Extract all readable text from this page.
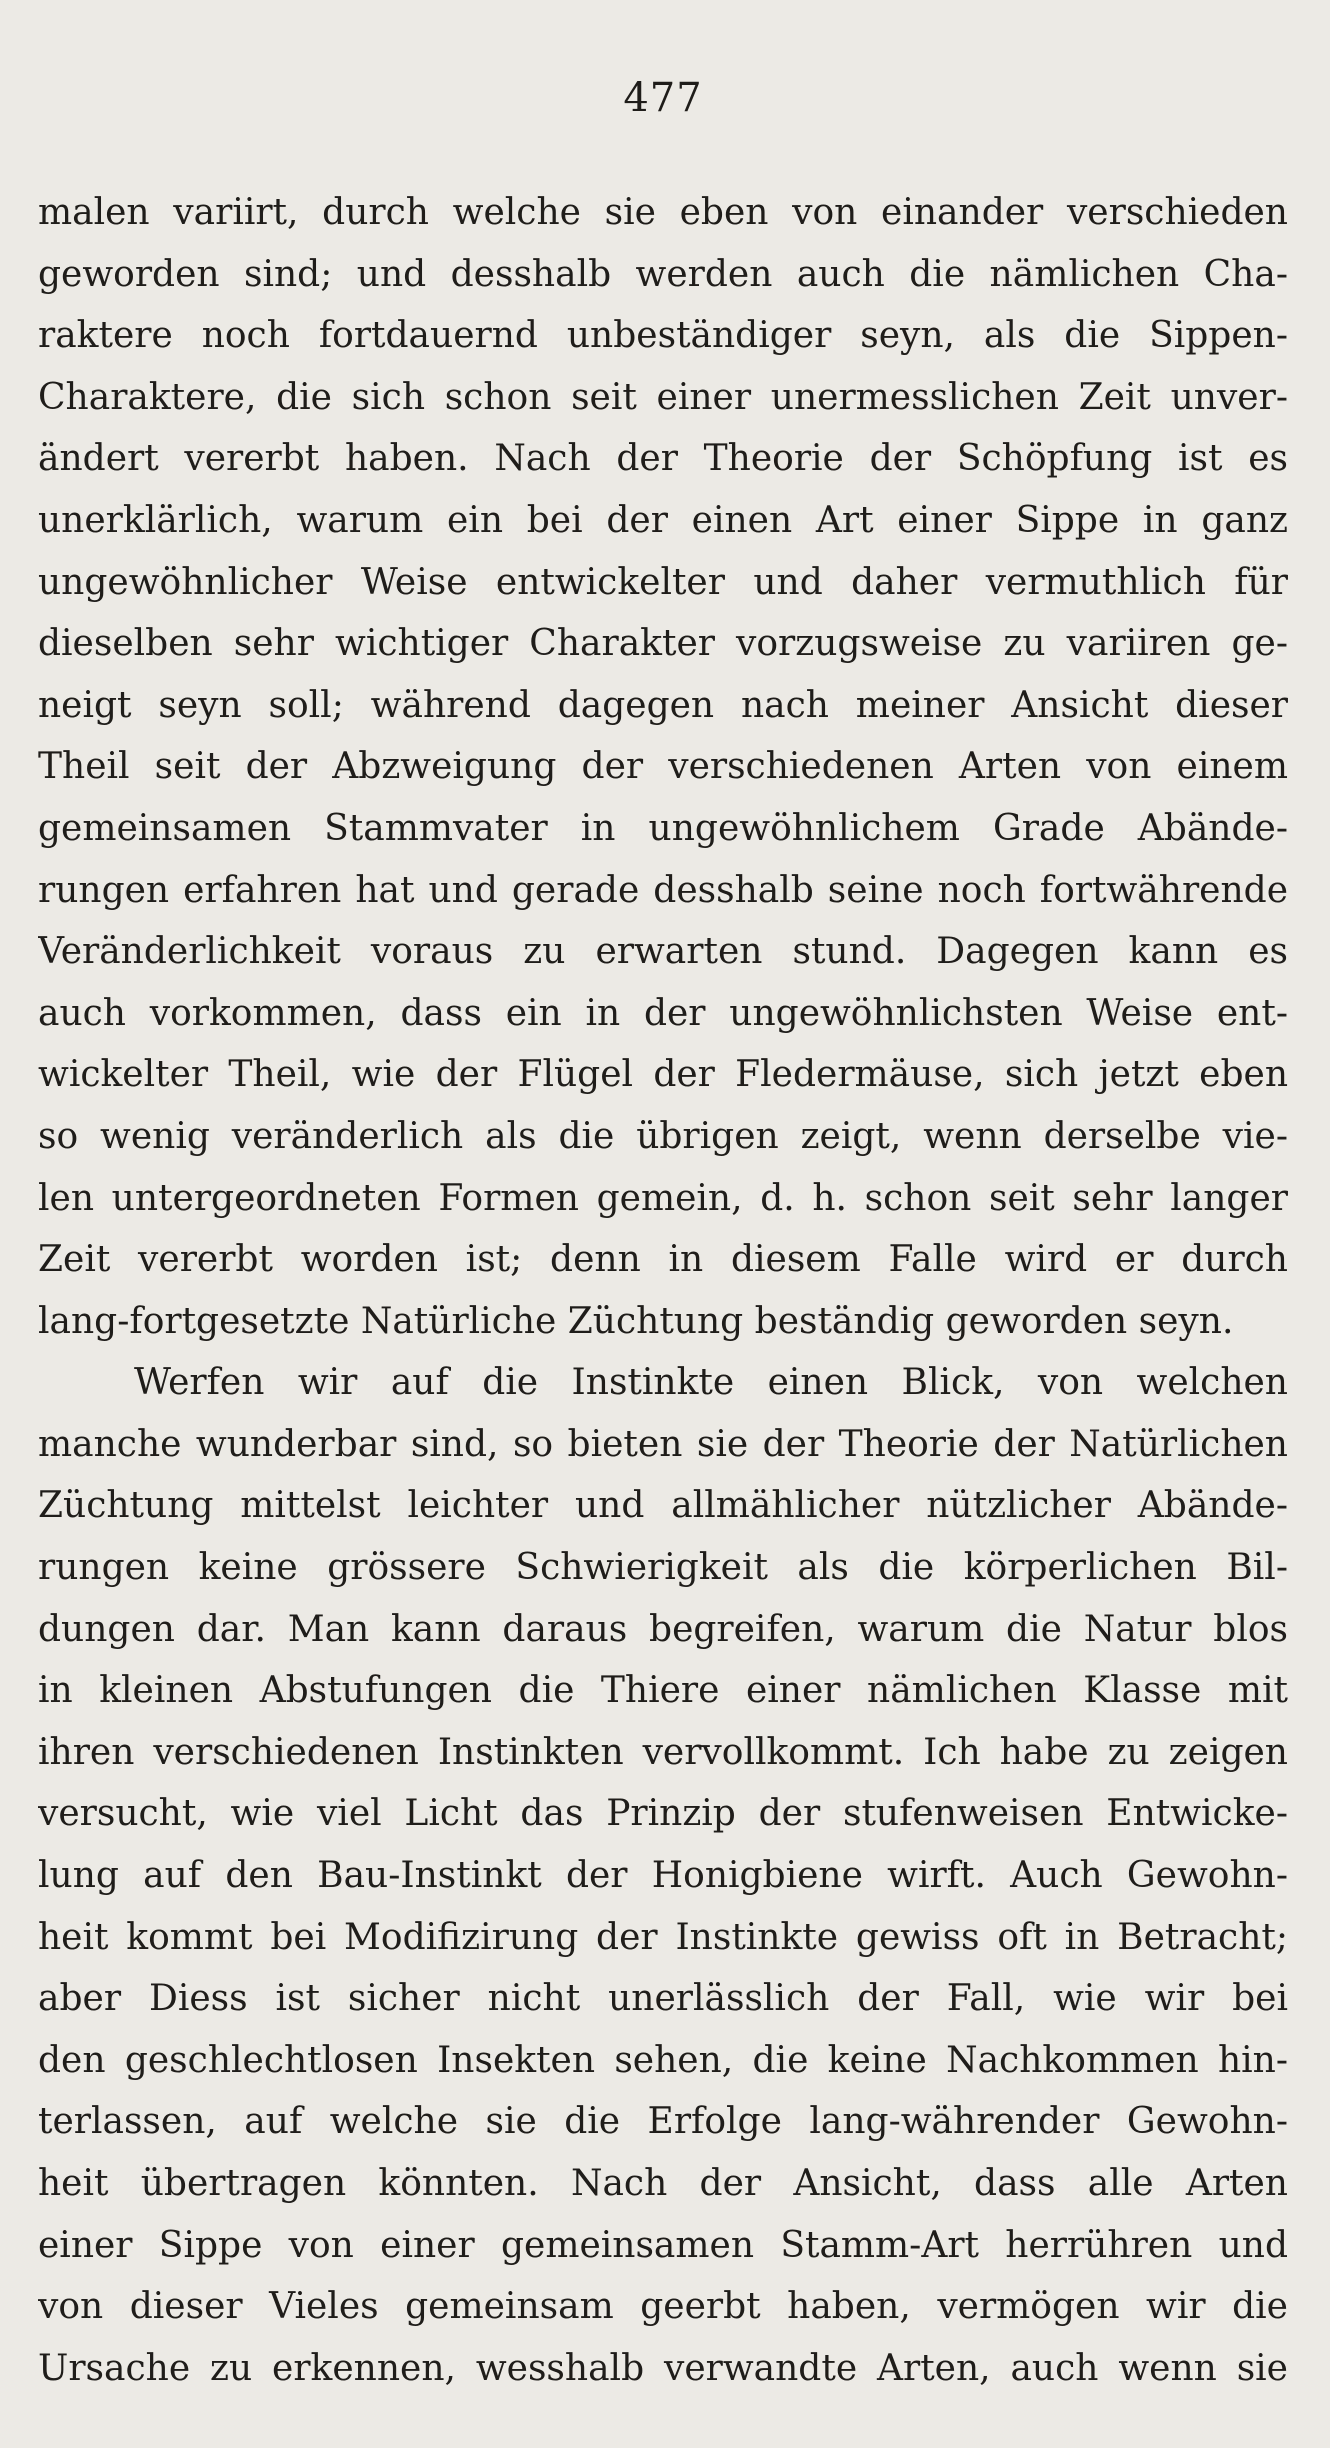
477
malen variirt, durch welche sie eben von einander verschieden
geworden sind; und desshalb werden auch die nämlichen Cha-
raktere noch fortdauernd unbeständiger seyn, als die Sippen-
Charaktere, die sich schon seit einer unermesslichen Zeit unver-
ändert vererbt haben. Nach der Theorie der Schöpfung ist es
unerklärlich, warum ein bei der einen Art einer Sippe in ganz
ungewöhnlicher Weise entwickelter und daher vermuthlich für
dieselben sehr wichtiger Charakter vorzugsweise zu variiren ge-
neigt seyn soll; während dagegen nach meiner Ansicht dieser
Theil seit der Abzweigung der verschiedenen Arten von einem
gemeinsamen Stammvater in ungewöhnlichem Grade Abände-
rungen erfahren hat und gerade desshalb seine noch fortwährende
Veränderlichkeit voraus zu erwarten stund. Dagegen kann es
auch vorkommen, dass ein in der ungewöhnlichsten Weise ent-
wickelter Theil, wie der Flügel der Fledermäuse, sich jetzt eben
so wenig veränderlich als die übrigen zeigt, wenn derselbe vie-
len untergeordneten Formen gemein, d. h. schon seit sehr langer
Zeit vererbt worden ist; denn in diesem Falle wird er durch
lang-fortgesetzte Natürliche Züchtung beständig geworden seyn.
Werfen wir auf die Instinkte einen Blick, von welchen
manche wunderbar sind, so bieten sie der Theorie der Natürlichen
Züchtung mittelst leichter und allmählicher nützlicher Abände-
rungen keine grössere Schwierigkeit als die körperlichen Bil-
dungen dar. Man kann daraus begreifen, warum die Natur blos
in kleinen Abstufungen die Thiere einer nämlichen Klasse mit
ihren verschiedenen Instinkten vervollkommt. Ich habe zu zeigen
versucht, wie viel Licht das Prinzip der stufenweisen Entwicke-
lung auf den Bau-Instinkt der Honigbiene wirft. Auch Gewohn-
heit kommt bei Modifizirung der Instinkte gewiss oft in Betracht;
aber Diess ist sicher nicht unerlässlich der Fall, wie wir bei
den geschlechtlosen Insekten sehen, die keine Nachkommen hin-
terlassen, auf welche sie die Erfolge lang-währender Gewohn-
heit übertragen könnten. Nach der Ansicht, dass alle Arten
einer Sippe von einer gemeinsamen Stamm-Art herrühren und
von dieser Vieles gemeinsam geerbt haben, vermögen wir die
Ursache zu erkennen, wesshalb verwandte Arten, auch wenn sie
